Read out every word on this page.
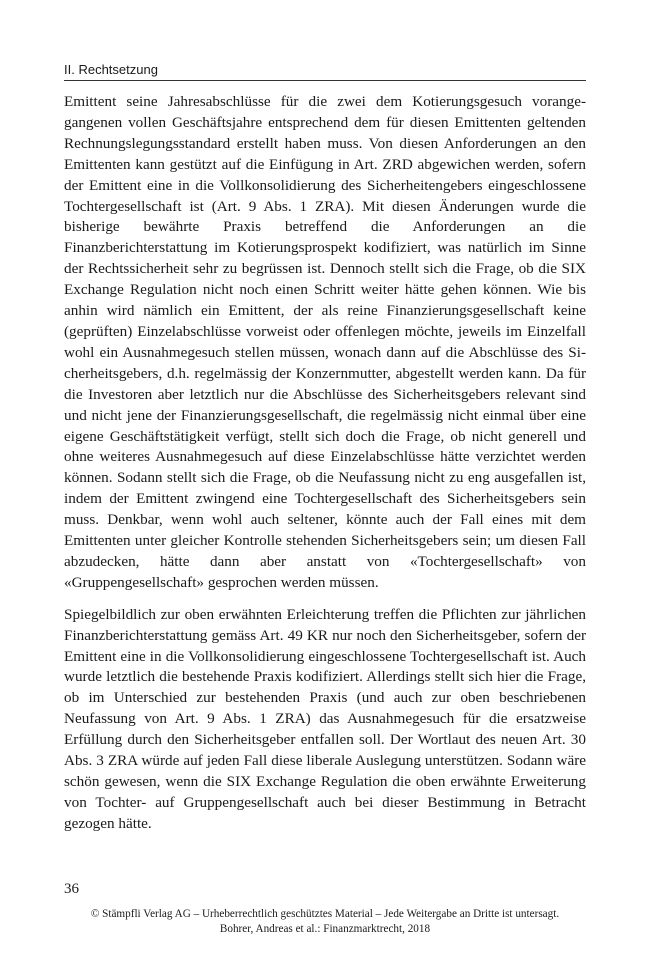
II. Rechtsetzung

Emittent seine Jahresabschlüsse für die zwei dem Kotierungsgesuch vorangegangenen vollen Geschäftsjahre entsprechend dem für diesen Emittenten geltenden Rechnungslegungsstandard erstellt haben muss. Von diesen Anforderungen an den Emittenten kann gestützt auf die Einfügung in Art. ZRD abgewichen werden, sofern der Emittent eine in die Vollkonsolidierung des Sicherheitengebers eingeschlossene Tochtergesellschaft ist (Art. 9 Abs. 1 ZRA). Mit diesen Änderungen wurde die bisherige bewährte Praxis betreffend die Anforderungen an die Finanzberichterstattung im Kotierungsprospekt kodifiziert, was natürlich im Sinne der Rechtssicherheit sehr zu begrüssen ist. Dennoch stellt sich die Frage, ob die SIX Exchange Regulation nicht noch einen Schritt weiter hätte gehen können. Wie bis anhin wird nämlich ein Emittent, der als reine Finanzierungsgesellschaft keine (geprüften) Einzelabschlüsse vorweist oder offenlegen möchte, jeweils im Einzelfall wohl ein Ausnahmegesuch stellen müssen, wonach dann auf die Abschlüsse des Sicherheitsgebers, d.h. regelmässig der Konzernmutter, abgestellt werden kann. Da für die Investoren aber letztlich nur die Abschlüsse des Sicherheitsgebers relevant sind und nicht jene der Finanzierungsgesellschaft, die regelmässig nicht einmal über eine eigene Geschäftstätigkeit verfügt, stellt sich doch die Frage, ob nicht generell und ohne weiteres Ausnahmegesuch auf diese Einzelabschlüsse hätte verzichtet werden können. Sodann stellt sich die Frage, ob die Neufassung nicht zu eng ausgefallen ist, indem der Emittent zwingend eine Tochtergesellschaft des Sicherheitsgebers sein muss. Denkbar, wenn wohl auch seltener, könnte auch der Fall eines mit dem Emittenten unter gleicher Kontrolle stehenden Sicherheitsgebers sein; um diesen Fall abzudecken, hätte dann aber anstatt von «Tochtergesellschaft» von «Gruppengesellschaft» gesprochen werden müssen.

Spiegelbildlich zur oben erwähnten Erleichterung treffen die Pflichten zur jährlichen Finanzberichterstattung gemäss Art. 49 KR nur noch den Sicherheitsgeber, sofern der Emittent eine in die Vollkonsolidierung eingeschlossene Tochtergesellschaft ist. Auch wurde letztlich die bestehende Praxis kodifiziert. Allerdings stellt sich hier die Frage, ob im Unterschied zur bestehenden Praxis (und auch zur oben beschriebenen Neufassung von Art. 9 Abs. 1 ZRA) das Ausnahmegesuch für die ersatzweise Erfüllung durch den Sicherheitsgeber entfallen soll. Der Wortlaut des neuen Art. 30 Abs. 3 ZRA würde auf jeden Fall diese liberale Auslegung unterstützen. Sodann wäre schön gewesen, wenn die SIX Exchange Regulation die oben erwähnte Erweiterung von Tochter- auf Gruppengesellschaft auch bei dieser Bestimmung in Betracht gezogen hätte.

36
© Stämpfli Verlag AG – Urheberrechtlich geschütztes Material – Jede Weitergabe an Dritte ist untersagt.
Bohrer, Andreas et al.: Finanzmarktrecht, 2018
